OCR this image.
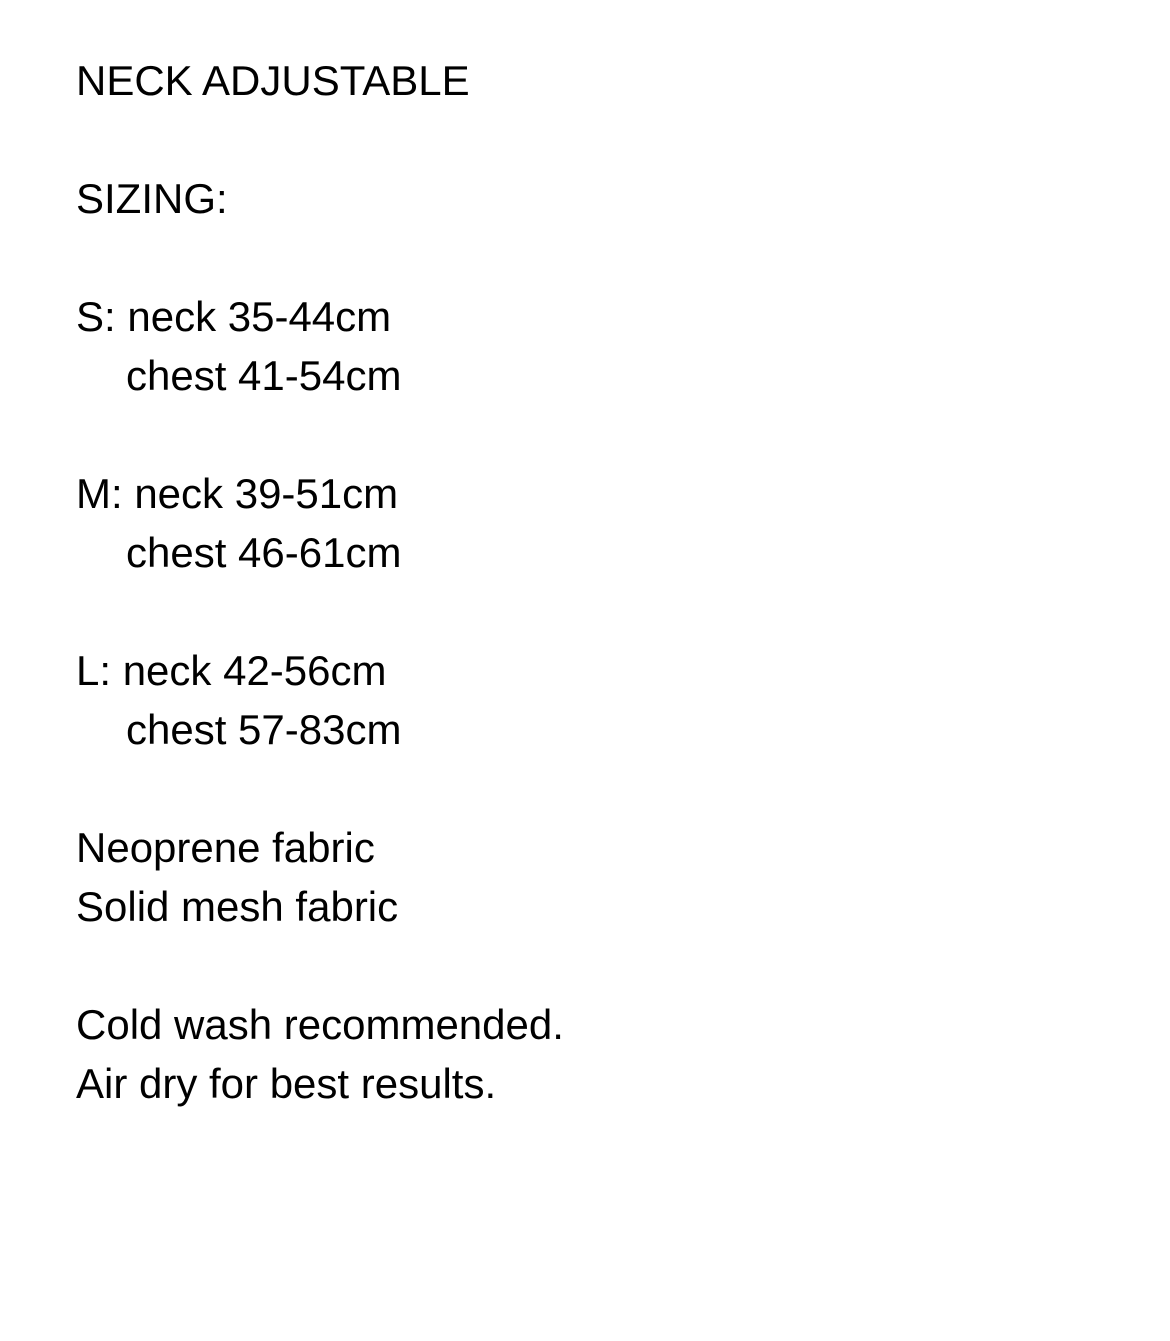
NECK ADJUSTABLE

SIZING:

S: neck 35-44cm

chest 41-54cm

M: neck 39-51cm

chest 46-61cm

L: neck 42-56cm

chest 57-83cm

Neoprene fabric

Solid mesh fabric

Cold wash recommended.

Air dry for best results.
